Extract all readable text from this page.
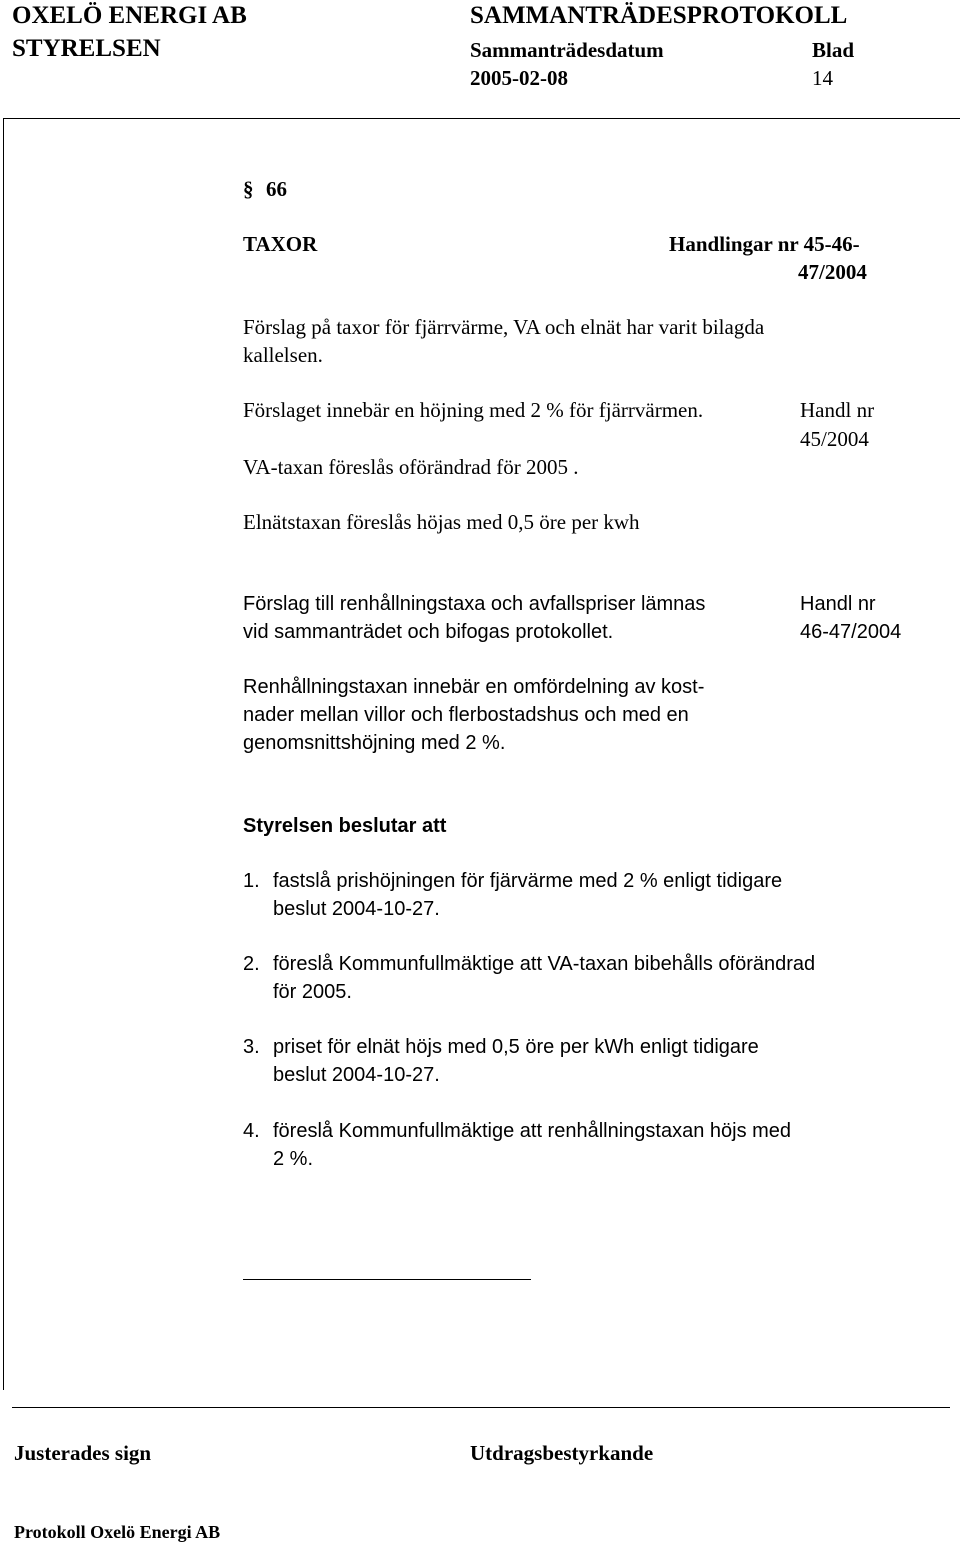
OXELÖ ENERGI AB	SAMMANTRÄDESPROTOKOLL
STYRELSEN	Sammanträdesdatum	Blad
2005-02-08	14
§ 66
TAXOR	Handlingar nr 45-46-
47/2004
Förslag på taxor för fjärrvärme, VA och elnät har varit bilagda
kallelsen.
Förslaget innebär en höjning med 2 % för fjärrvärmen.
VA-taxan föreslås oförändrad för 2005 .
Handl nr
45/2004
Elnätstaxan föreslås höjas med 0,5 öre per kwh
Förslag till renhållningstaxa och avfallspriser lämnas
vid sammanträdet och bifogas protokollet.
Handl nr
46-47/2004
Renhållningstaxan innebär en omfördelning av kost-
nader mellan villor och flerbostadshus och med en
genomsnittshöjning med 2 %.
Styrelsen beslutar att
1. fastslå prishöjningen för fjärvärme med 2 % enligt tidigare
beslut 2004-10-27.
2. föreslå Kommunfullmäktige att VA-taxan bibehålls oförändrad
för 2005.
3. priset för elnät höjs med 0,5 öre per kWh enligt tidigare
beslut 2004-10-27.
4. föreslå Kommunfullmäktige att renhållningstaxan höjs med
2 %.
Justerades sign	Utdragsbestyrkande
Protokoll Oxelö Energi AB
